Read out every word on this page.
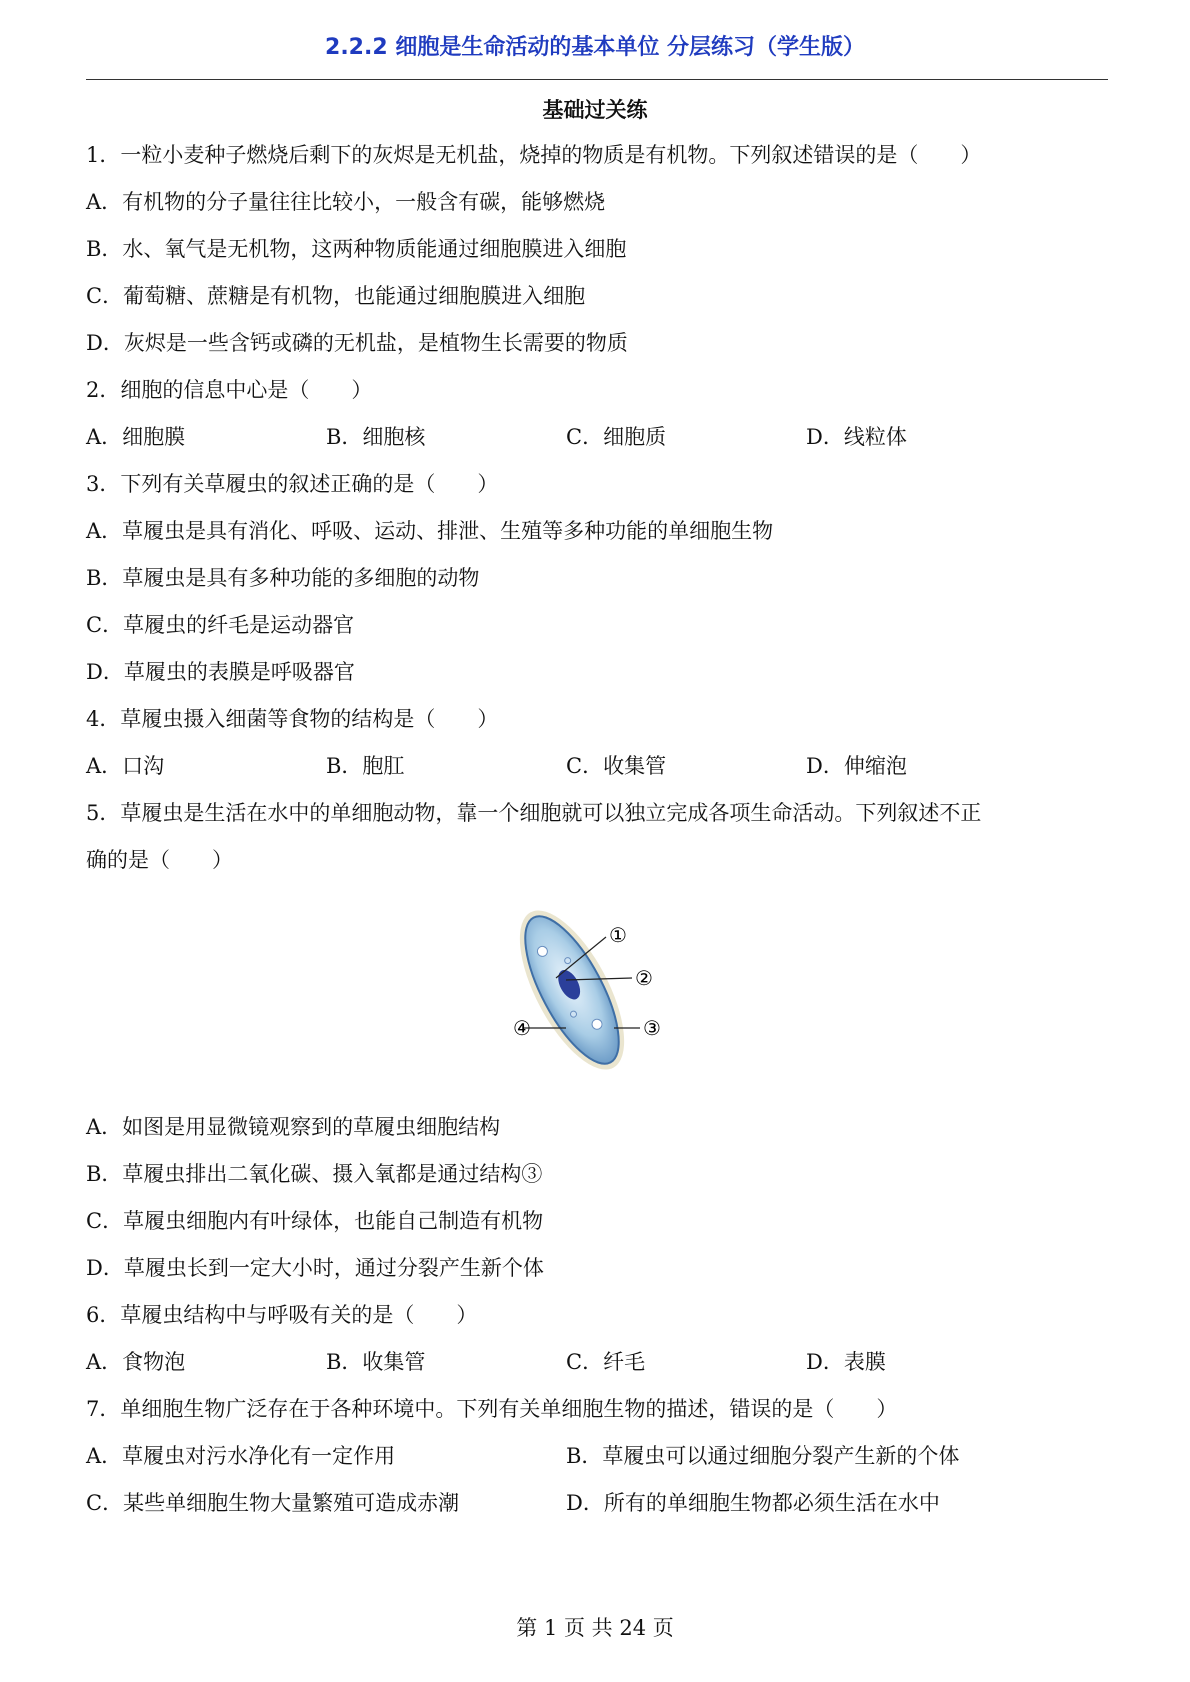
2.2.2 细胞是生命活动的基本单位 分层练习（学生版）
基础过关练
1．一粒小麦种子燃烧后剩下的灰烬是无机盐，烧掉的物质是有机物。下列叙述错误的是（　　）
A．有机物的分子量往往比较小，一般含有碳，能够燃烧
B．水、氧气是无机物，这两种物质能通过细胞膜进入细胞
C．葡萄糖、蔗糖是有机物，也能通过细胞膜进入细胞
D．灰烬是一些含钙或磷的无机盐，是植物生长需要的物质
2．细胞的信息中心是（　　）
A．细胞膜	B．细胞核	C．细胞质	D．线粒体
3．下列有关草履虫的叙述正确的是（　　）
A．草履虫是具有消化、呼吸、运动、排泄、生殖等多种功能的单细胞生物
B．草履虫是具有多种功能的多细胞的动物
C．草履虫的纤毛是运动器官
D．草履虫的表膜是呼吸器官
4．草履虫摄入细菌等食物的结构是（　　）
A．口沟	B．胞肛	C．收集管	D．伸缩泡
5．草履虫是生活在水中的单细胞动物，靠一个细胞就可以独立完成各项生命活动。下列叙述不正
确的是（　　）
①
②
③
④
A．如图是用显微镜观察到的草履虫细胞结构
B．草履虫排出二氧化碳、摄入氧都是通过结构③
C．草履虫细胞内有叶绿体，也能自己制造有机物
D．草履虫长到一定大小时，通过分裂产生新个体
6．草履虫结构中与呼吸有关的是（　　）
A．食物泡	B．收集管	C．纤毛	D．表膜
7．单细胞生物广泛存在于各种环境中。下列有关单细胞生物的描述，错误的是（　　）
A．草履虫对污水净化有一定作用	B．草履虫可以通过细胞分裂产生新的个体
C．某些单细胞生物大量繁殖可造成赤潮	D．所有的单细胞生物都必须生活在水中
第 1 页 共 24 页
